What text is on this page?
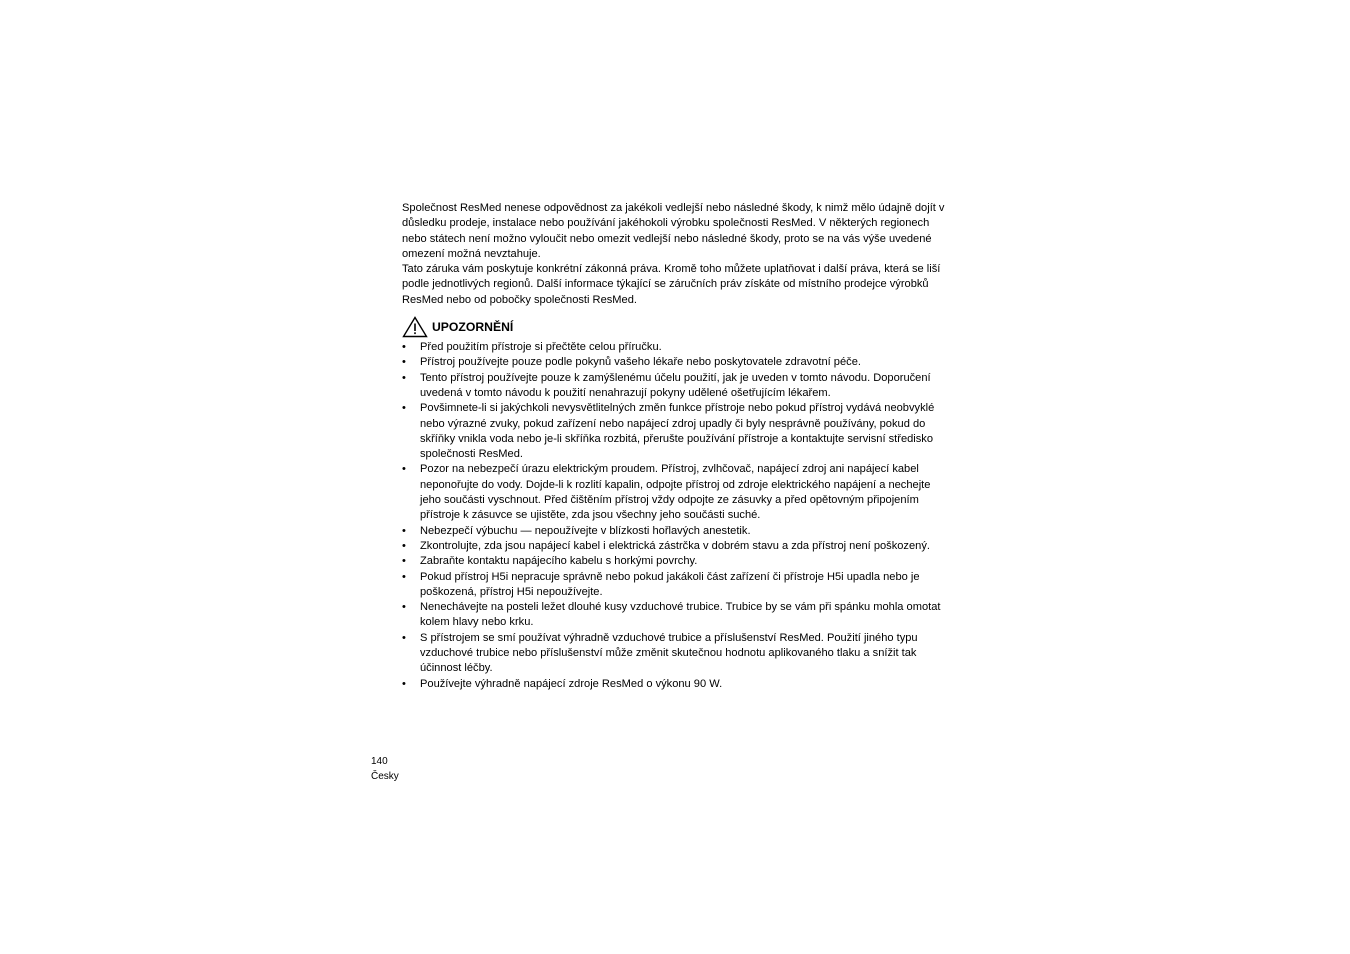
Společnost ResMed nenese odpovědnost za jakékoli vedlejší nebo následné škody, k nimž mělo údajně dojít v důsledku prodeje, instalace nebo používání jakéhokoli výrobku společnosti ResMed. V některých regionech nebo státech není možno vyloučit nebo omezit vedlejší nebo následné škody, proto se na vás výše uvedené omezení možná nevztahuje.

Tato záruka vám poskytuje konkrétní zákonná práva. Kromě toho můžete uplatňovat i další práva, která se liší podle jednotlivých regionů. Další informace týkající se záručních práv získáte od místního prodejce výrobků ResMed nebo od pobočky společnosti ResMed.

UPOZORNĚNÍ
• Před použitím přístroje si přečtěte celou příručku.
• Přístroj používejte pouze podle pokynů vašeho lékaře nebo poskytovatele zdravotní péče.
• Tento přístroj používejte pouze k zamýšlenému účelu použití, jak je uveden v tomto návodu. Doporučení uvedená v tomto návodu k použití nenahrazují pokyny udělené ošetřujícím lékařem.
• Povšimnete-li si jakýchkoli nevysvětlitelných změn funkce přístroje nebo pokud přístroj vydává neobvyklé nebo výrazné zvuky, pokud zařízení nebo napájecí zdroj upadly či byly nesprávně používány, pokud do skříňky vnikla voda nebo je-li skříňka rozbitá, přerušte používání přístroje a kontaktujte servisní středisko společnosti ResMed.
• Pozor na nebezpečí úrazu elektrickým proudem. Přístroj, zvlhčovač, napájecí zdroj ani napájecí kabel neponořujte do vody. Dojde-li k rozlití kapalin, odpojte přístroj od zdroje elektrického napájení a nechejte jeho součásti vyschnout. Před čištěním přístroj vždy odpojte ze zásuvky a před opětovným připojením přístroje k zásuvce se ujistěte, zda jsou všechny jeho součásti suché.
• Nebezpečí výbuchu — nepoužívejte v blízkosti hořlavých anestetik.
• Zkontrolujte, zda jsou napájecí kabel i elektrická zástrčka v dobrém stavu a zda přístroj není poškozený.
• Zabraňte kontaktu napájecího kabelu s horkými povrchy.
• Pokud přístroj H5i nepracuje správně nebo pokud jakákoli část zařízení či přístroje H5i upadla nebo je poškozená, přístroj H5i nepoužívejte.
• Nenechávejte na posteli ležet dlouhé kusy vzduchové trubice. Trubice by se vám při spánku mohla omotat kolem hlavy nebo krku.
• S přístrojem se smí používat výhradně vzduchové trubice a příslušenství ResMed. Použití jiného typu vzduchové trubice nebo příslušenství může změnit skutečnou hodnotu aplikovaného tlaku a snížit tak účinnost léčby.
• Používejte výhradně napájecí zdroje ResMed o výkonu 90 W.
140
Česky
